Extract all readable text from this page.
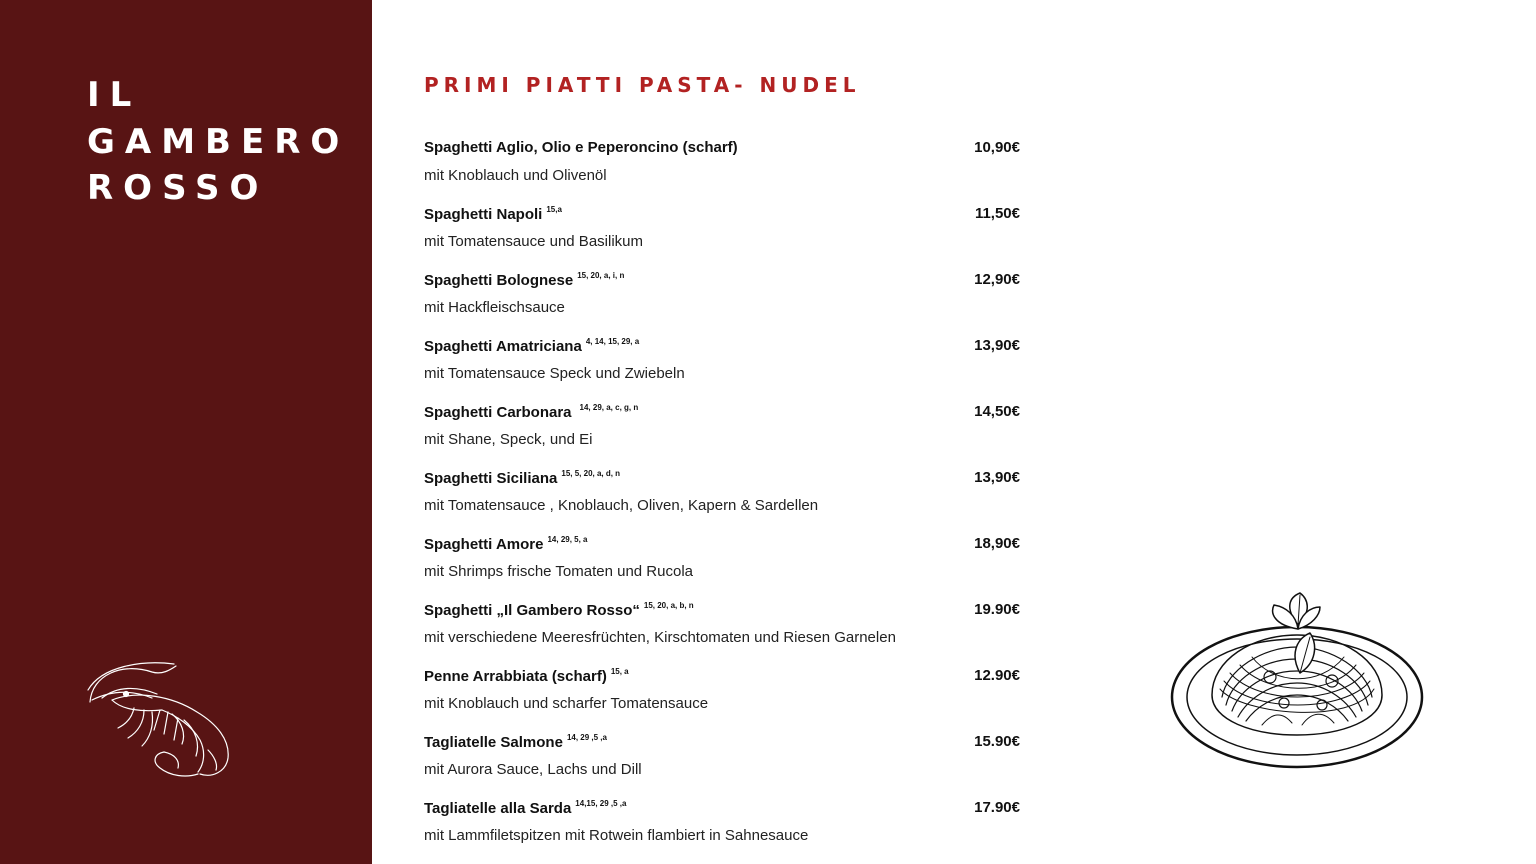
IL
GAMBERO
ROSSO
PRIMI PIATTI PASTA- NUDEL
Spaghetti Aglio, Olio e Peperoncino (scharf)	10,90€
mit Knoblauch und Olivenöl
Spaghetti Napoli $^{15,a}$	11,50€
mit Tomatensauce und Basilikum
Spaghetti Bolognese $^{15, 20, a, i, n}$	12,90€
mit Hackfleischsauce
Spaghetti Amatriciana $^{4, 14, 15, 29, a}$	13,90€
mit Tomatensauce Speck und Zwiebeln
Spaghetti Carbonara $^{14, 29, a, c, g, n}$	14,50€
mit Shane, Speck, und Ei
Spaghetti Siciliana $^{15, 5, 20, a, d, n}$	13,90€
mit Tomatensauce , Knoblauch, Oliven, Kapern & Sardellen
Spaghetti Amore $^{14, 29, 5, a}$	18,90€
mit Shrimps frische Tomaten und Rucola
Spaghetti „Il Gambero Rosso“ $^{15, 20, a, b, n}$	19.90€
mit verschiedene Meeresfrüchten, Kirschtomaten und Riesen Garnelen
Penne Arrabbiata (scharf) $^{15, a}$	12.90€
mit Knoblauch und scharfer Tomatensauce
Tagliatelle Salmone $^{14, 29 ,5 ,a}$	15.90€
mit Aurora Sauce, Lachs und Dill
Tagliatelle alla Sarda $^{14,15, 29 ,5 ,a}$	17.90€
mit Lammfiletspitzen mit Rotwein flambiert in Sahnesauce
